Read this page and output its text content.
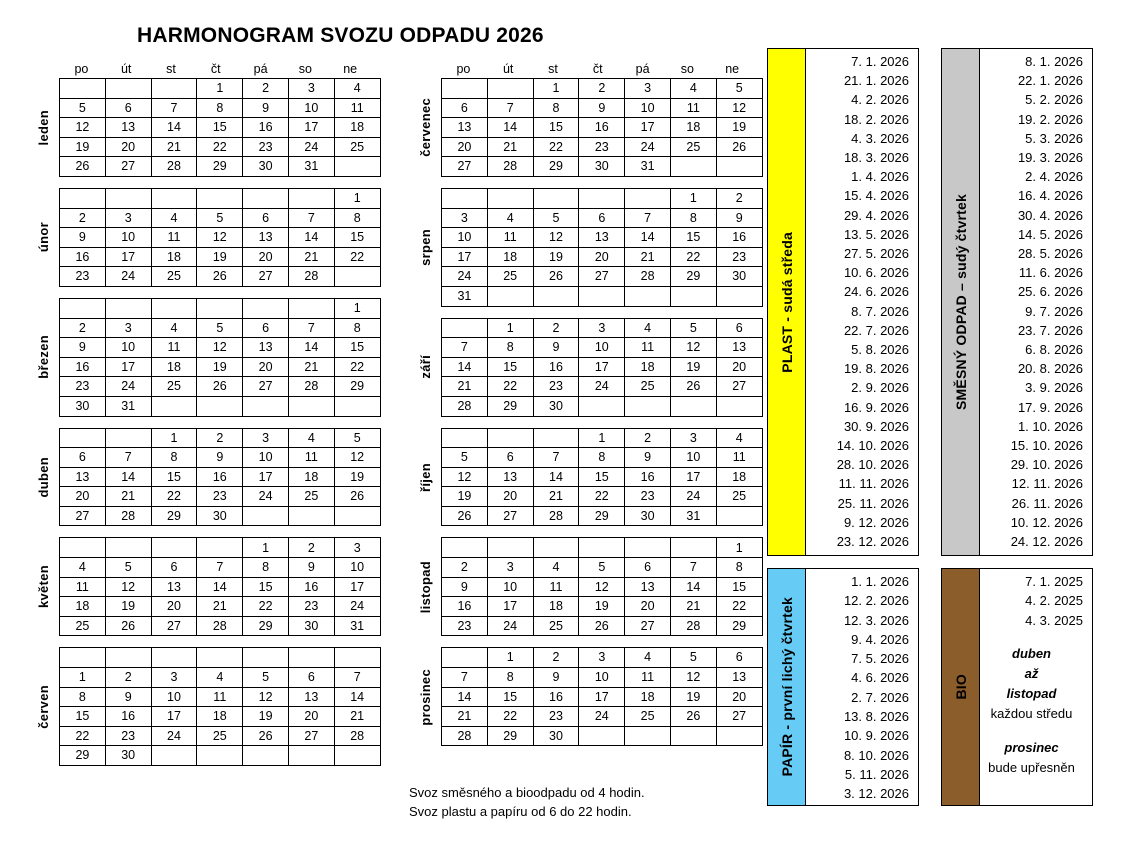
HARMONOGRAM SVOZU ODPADU 2026
po	út	st	čt	pá	so	ne
leden
			1	2	3	4
5	6	7	8	9	10	11
12	13	14	15	16	17	18
19	20	21	22	23	24	25
26	27	28	29	30	31	
únor
						1
2	3	4	5	6	7	8
9	10	11	12	13	14	15
16	17	18	19	20	21	22
23	24	25	26	27	28	
březen
						1
2	3	4	5	6	7	8
9	10	11	12	13	14	15
16	17	18	19	20	21	22
23	24	25	26	27	28	29
30	31					
duben
		1	2	3	4	5
6	7	8	9	10	11	12
13	14	15	16	17	18	19
20	21	22	23	24	25	26
27	28	29	30			
květen
				1	2	3
4	5	6	7	8	9	10
11	12	13	14	15	16	17
18	19	20	21	22	23	24
25	26	27	28	29	30	31
červen

1	2	3	4	5	6	7
8	9	10	11	12	13	14
15	16	17	18	19	20	21
22	23	24	25	26	27	28
29	30					
po	út	st	čt	pá	so	ne
červenec
		1	2	3	4	5
6	7	8	9	10	11	12
13	14	15	16	17	18	19
20	21	22	23	24	25	26
27	28	29	30	31		
srpen
					1	2
3	4	5	6	7	8	9
10	11	12	13	14	15	16
17	18	19	20	21	22	23
24	25	26	27	28	29	30
31						
září
	1	2	3	4	5	6
7	8	9	10	11	12	13
14	15	16	17	18	19	20
21	22	23	24	25	26	27
28	29	30				
říjen
			1	2	3	4
5	6	7	8	9	10	11
12	13	14	15	16	17	18
19	20	21	22	23	24	25
26	27	28	29	30	31	
listopad
						1
2	3	4	5	6	7	8
9	10	11	12	13	14	15
16	17	18	19	20	21	22
23	24	25	26	27	28	29
prosinec
	1	2	3	4	5	6
7	8	9	10	11	12	13
14	15	16	17	18	19	20
21	22	23	24	25	26	27
28	29	30				
Svoz směsného a bioodpadu od 4 hodin.
Svoz plastu a papíru od 6 do 22 hodin.
PLAST - sudá středa
7. 1. 2026
21. 1. 2026
4. 2. 2026
18. 2. 2026
4. 3. 2026
18. 3. 2026
1. 4. 2026
15. 4. 2026
29. 4. 2026
13. 5. 2026
27. 5. 2026
10. 6. 2026
24. 6. 2026
8. 7. 2026
22. 7. 2026
5. 8. 2026
19. 8. 2026
2. 9. 2026
16. 9. 2026
30. 9. 2026
14. 10. 2026
28. 10. 2026
11. 11. 2026
25. 11. 2026
9. 12. 2026
23. 12. 2026
SMĚSNÝ ODPAD – sudý čtvrtek
8. 1. 2026
22. 1. 2026
5. 2. 2026
19. 2. 2026
5. 3. 2026
19. 3. 2026
2. 4. 2026
16. 4. 2026
30. 4. 2026
14. 5. 2026
28. 5. 2026
11. 6. 2026
25. 6. 2026
9. 7. 2026
23. 7. 2026
6. 8. 2026
20. 8. 2026
3. 9. 2026
17. 9. 2026
1. 10. 2026
15. 10. 2026
29. 10. 2026
12. 11. 2026
26. 11. 2026
10. 12. 2026
24. 12. 2026
PAPÍR - první lichý čtvrtek
1. 1. 2026
12. 2. 2026
12. 3. 2026
9. 4. 2026
7. 5. 2026
4. 6. 2026
2. 7. 2026
13. 8. 2026
10. 9. 2026
8. 10. 2026
5. 11. 2026
3. 12. 2026
BIO
7. 1. 2025
4. 2. 2025
4. 3. 2025
duben
až
listopad
každou středu
prosinec
bude upřesněn
